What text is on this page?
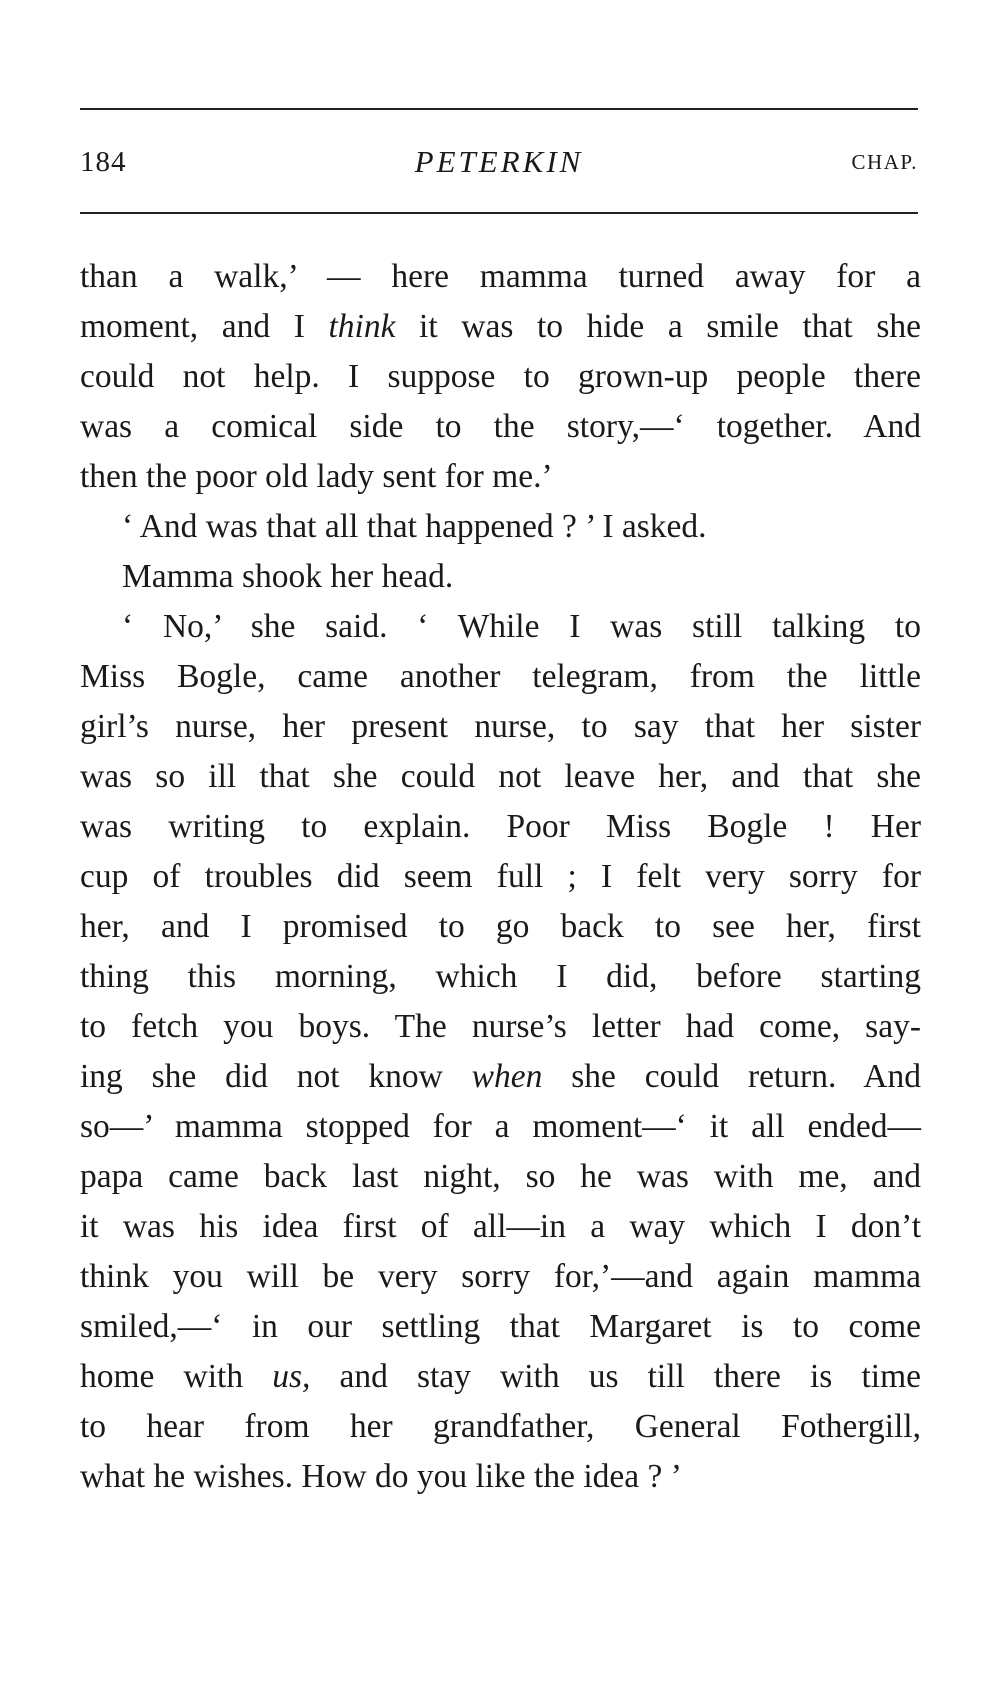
184	PETERKIN	CHAP.
than a walk,’ — here mamma turned away for a
moment, and I think it was to hide a smile that she
could not help. I suppose to grown-up people there
was a comical side to the story,—‘ together. And
then the poor old lady sent for me.’
‘ And was that all that happened ? ’ I asked.
Mamma shook her head.
‘ No,’ she said. ‘ While I was still talking to
Miss Bogle, came another telegram, from the little
girl’s nurse, her present nurse, to say that her sister
was so ill that she could not leave her, and that she
was writing to explain. Poor Miss Bogle ! Her
cup of troubles did seem full ; I felt very sorry for
her, and I promised to go back to see her, first
thing this morning, which I did, before starting
to fetch you boys. The nurse’s letter had come, say-
ing she did not know when she could return. And
so—’ mamma stopped for a moment—‘ it all ended—
papa came back last night, so he was with me, and
it was his idea first of all—in a way which I don’t
think you will be very sorry for,’—and again mamma
smiled,—‘ in our settling that Margaret is to come
home with us, and stay with us till there is time
to hear from her grandfather, General Fothergill,
what he wishes. How do you like the idea ? ’
